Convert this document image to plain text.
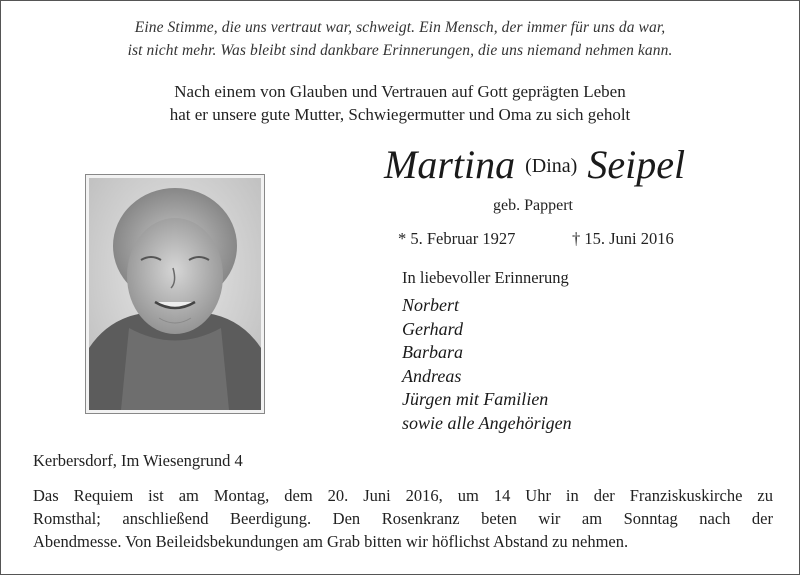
Eine Stimme, die uns vertraut war, schweigt. Ein Mensch, der immer für uns da war,
ist nicht mehr. Was bleibt sind dankbare Erinnerungen, die uns niemand nehmen kann.
Nach einem von Glauben und Vertrauen auf Gott geprägten Leben
hat er unsere gute Mutter, Schwiegermutter und Oma zu sich geholt
Martina (Dina) Seipel
geb. Pappert
* 5. Februar 1927	† 15. Juni 2016
In liebevoller Erinnerung
Norbert
Gerhard
Barbara
Andreas
Jürgen mit Familien
sowie alle Angehörigen
Kerbersdorf, Im Wiesengrund 4
Das Requiem ist am Montag, dem 20. Juni 2016, um 14 Uhr in der Franziskuskirche zu
Romsthal; anschließend Beerdigung. Den Rosenkranz beten wir am Sonntag nach der
Abendmesse. Von Beileidsbekundungen am Grab bitten wir höflichst Abstand zu nehmen.
